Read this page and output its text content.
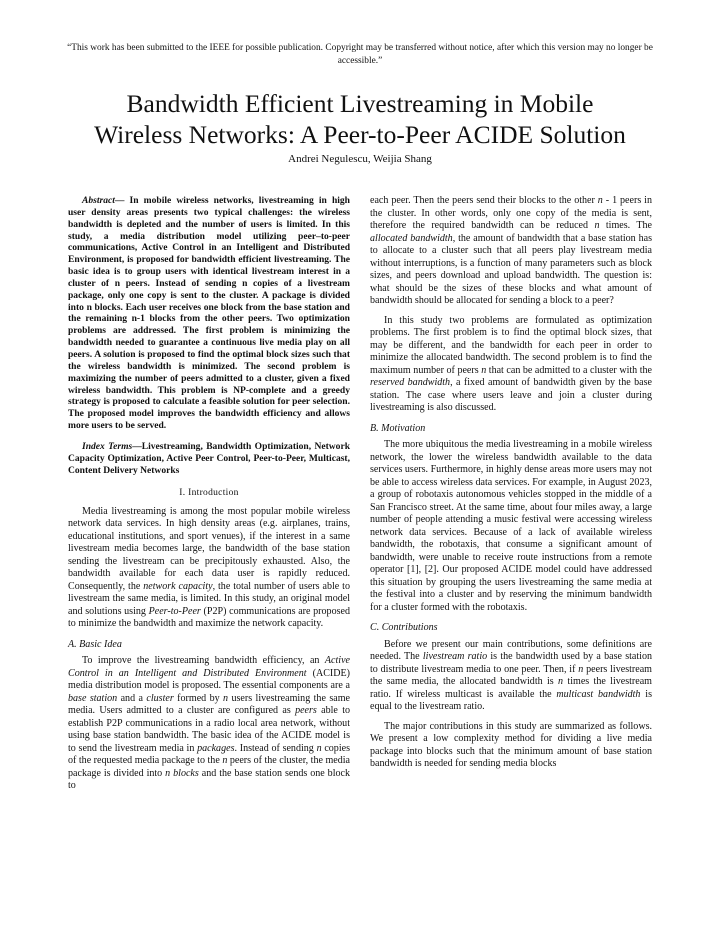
“This work has been submitted to the IEEE for possible publication. Copyright may be transferred without notice, after which this version may no longer be accessible.”
Bandwidth Efficient Livestreaming in Mobile
Wireless Networks: A Peer-to-Peer ACIDE Solution
Andrei Negulescu, Weijia Shang

Abstract— In mobile wireless networks, livestreaming in high user density areas presents two typical challenges: the wireless bandwidth is depleted and the number of users is limited. In this study, a media distribution model utilizing peer–to-peer communications, Active Control in an Intelligent and Distributed Environment, is proposed for bandwidth efficient livestreaming. The basic idea is to group users with identical livestream interest in a cluster of n peers. Instead of sending n copies of a livestream package, only one copy is sent to the cluster. A package is divided into n blocks. Each user receives one block from the base station and the remaining n-1 blocks from the other peers. Two optimization problems are addressed. The first problem is minimizing the bandwidth needed to guarantee a continuous live media play on all peers. A solution is proposed to find the optimal block sizes such that the wireless bandwidth is minimized. The second problem is maximizing the number of peers admitted to a cluster, given a fixed wireless bandwidth. This problem is NP-complete and a greedy strategy is proposed to calculate a feasible solution for peer selection. The proposed model improves the bandwidth efficiency and allows more users to be served.

Index Terms—Livestreaming, Bandwidth Optimization, Network Capacity Optimization, Active Peer Control, Peer-to-Peer, Multicast, Content Delivery Networks

I. Introduction

Media livestreaming is among the most popular mobile wireless network data services. In high density areas (e.g. airplanes, trains, educational institutions, and sport venues), if the interest in a same livestream media becomes large, the bandwidth of the base station sending the livestream can be precipitously exhausted. Also, the bandwidth available for each data user is rapidly reduced. Consequently, the network capacity, the total number of users able to livestream the same media, is limited. In this study, an original model and solutions using Peer-to-Peer (P2P) communications are proposed to minimize the bandwidth and maximize the network capacity.

A. Basic Idea

To improve the livestreaming bandwidth efficiency, an Active Control in an Intelligent and Distributed Environment (ACIDE) media distribution model is proposed. The essential components are a base station and a cluster formed by n users livestreaming the same media. Users admitted to a cluster are configured as peers able to establish P2P communications in a radio local area network, without using base station bandwidth. The basic idea of the ACIDE model is to send the livestream media in packages. Instead of sending n copies of the requested media package to the n peers of the cluster, the media package is divided into n blocks and the base station sends one block to

each peer. Then the peers send their blocks to the other n - 1 peers in the cluster. In other words, only one copy of the media is sent, therefore the required bandwidth can be reduced n times. The allocated bandwidth, the amount of bandwidth that a base station has to allocate to a cluster such that all peers play livestream media without interruptions, is a function of many parameters such as block sizes, and peers download and upload bandwidth. The question is: what should be the sizes of these blocks and what amount of bandwidth should be allocated for sending a block to a peer?

In this study two problems are formulated as optimization problems. The first problem is to find the optimal block sizes, that may be different, and the bandwidth for each peer in order to minimize the allocated bandwidth. The second problem is to find the maximum number of peers n that can be admitted to a cluster with the reserved bandwidth, a fixed amount of bandwidth given by the base station. The case where users leave and join a cluster during livestreaming is also discussed.

B. Motivation

The more ubiquitous the media livestreaming in a mobile wireless network, the lower the wireless bandwidth available to the data services users. Furthermore, in highly dense areas more users may not be able to access wireless data services. For example, in August 2023, a group of robotaxis autonomous vehicles stopped in the middle of a San Francisco street. At the same time, about four miles away, a large number of people attending a music festival were accessing wireless network data services. Because of a lack of available wireless bandwidth, the robotaxis, that consume a significant amount of bandwidth, were unable to receive route instructions from a remote operator [1], [2]. Our proposed ACIDE model could have addressed this situation by grouping the users livestreaming the same media at the festival into a cluster and by reserving the minimum bandwidth for a cluster formed with the robotaxis.

C. Contributions

Before we present our main contributions, some definitions are needed. The livestream ratio is the bandwidth used by a base station to distribute livestream media to one peer. Then, if n peers livestream the same media, the allocated bandwidth is n times the livestream ratio. If wireless multicast is available the multicast bandwidth is equal to the livestream ratio.

The major contributions in this study are summarized as follows. We present a low complexity method for dividing a live media package into blocks such that the minimum amount of base station bandwidth is needed for sending media blocks
